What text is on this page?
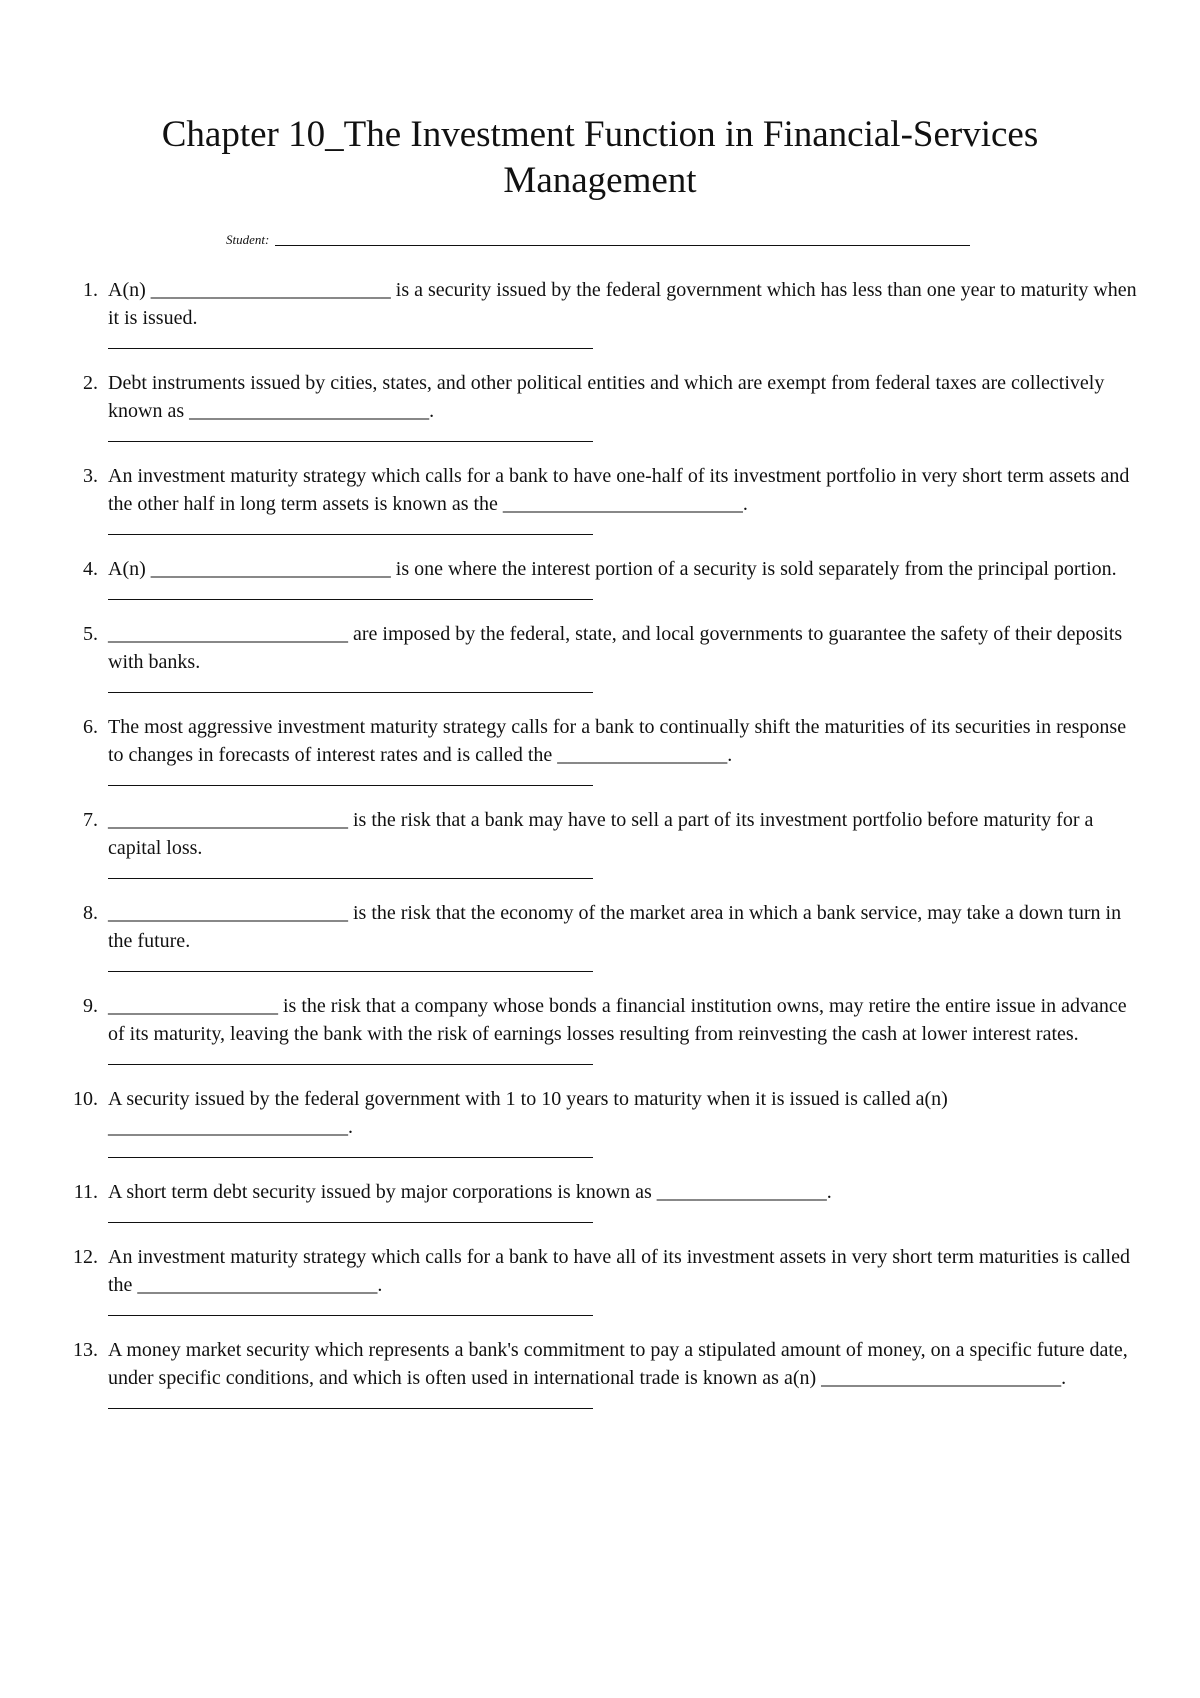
Chapter 10_The Investment Function in Financial-Services Management
Student:
1. A(n) ________________________ is a security issued by the federal government which has less than one year to maturity when it is issued.
2. Debt instruments issued by cities, states, and other political entities and which are exempt from federal taxes are collectively known as ________________________.
3. An investment maturity strategy which calls for a bank to have one-half of its investment portfolio in very short term assets and the other half in long term assets is known as the ________________________.
4. A(n) ________________________ is one where the interest portion of a security is sold separately from the principal portion.
5. ________________________ are imposed by the federal, state, and local governments to guarantee the safety of their deposits with banks.
6. The most aggressive investment maturity strategy calls for a bank to continually shift the maturities of its securities in response to changes in forecasts of interest rates and is called the _________________.
7. ________________________ is the risk that a bank may have to sell a part of its investment portfolio before maturity for a capital loss.
8. ________________________ is the risk that the economy of the market area in which a bank service, may take a down turn in the future.
9. _________________ is the risk that a company whose bonds a financial institution owns, may retire the entire issue in advance of its maturity, leaving the bank with the risk of earnings losses resulting from reinvesting the cash at lower interest rates.
10. A security issued by the federal government with 1 to 10 years to maturity when it is issued is called a(n) ________________________.
11. A short term debt security issued by major corporations is known as _________________.
12. An investment maturity strategy which calls for a bank to have all of its investment assets in very short term maturities is called the ________________________.
13. A money market security which represents a bank's commitment to pay a stipulated amount of money, on a specific future date, under specific conditions, and which is often used in international trade is known as a(n) ________________________.
